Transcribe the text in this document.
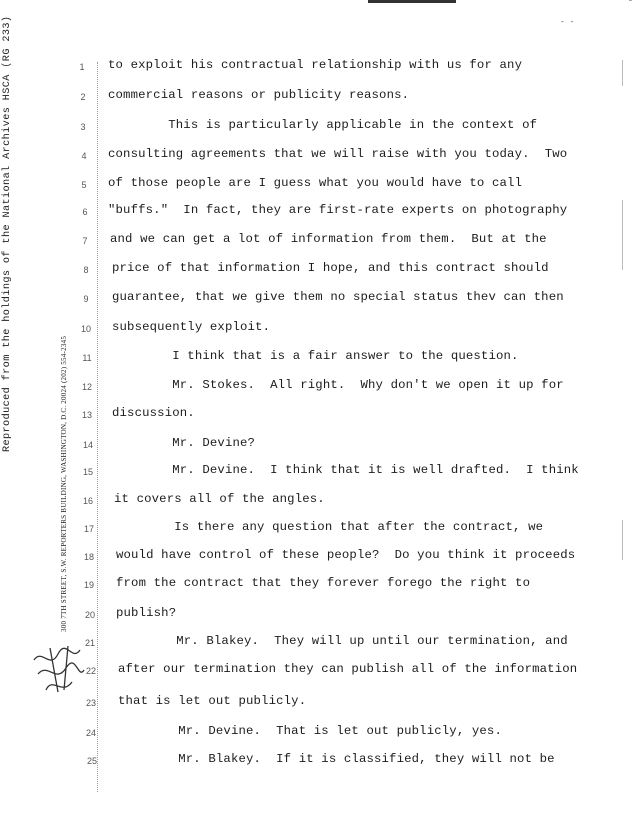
- -
˜
Reproduced from the holdings of the National Archives HSCA (RG 233)
300 7TH STREET, S.W. REPORTERS BUILDING, WASHINGTON, D.C. 20024 (202) 554-2345
1
2
3
4
5
6
7
8
9
10
11
12
13
14
15
16
17
18
19
20
21
22
23
24
25
to exploit his contractual relationship with us for any
commercial reasons or publicity reasons.
This is particularly applicable in the context of
consulting agreements that we will raise with you today.  Two
of those people are I guess what you would have to call
"buffs."  In fact, they are first-rate experts on photography
and we can get a lot of information from them.  But at the
price of that information I hope, and this contract should
guarantee, that we give them no special status thev can then
subsequently exploit.
I think that is a fair answer to the question.
Mr. Stokes.  All right.  Why don't we open it up for
discussion.
Mr. Devine?
Mr. Devine.  I think that it is well drafted.  I think
it covers all of the angles.
Is there any question that after the contract, we
would have control of these people?  Do you think it proceeds
from the contract that they forever forego the right to
publish?
Mr. Blakey.  They will up until our termination, and
after our termination they can publish all of the information
that is let out publicly.
Mr. Devine.  That is let out publicly, yes.
Mr. Blakey.  If it is classified, they will not be
